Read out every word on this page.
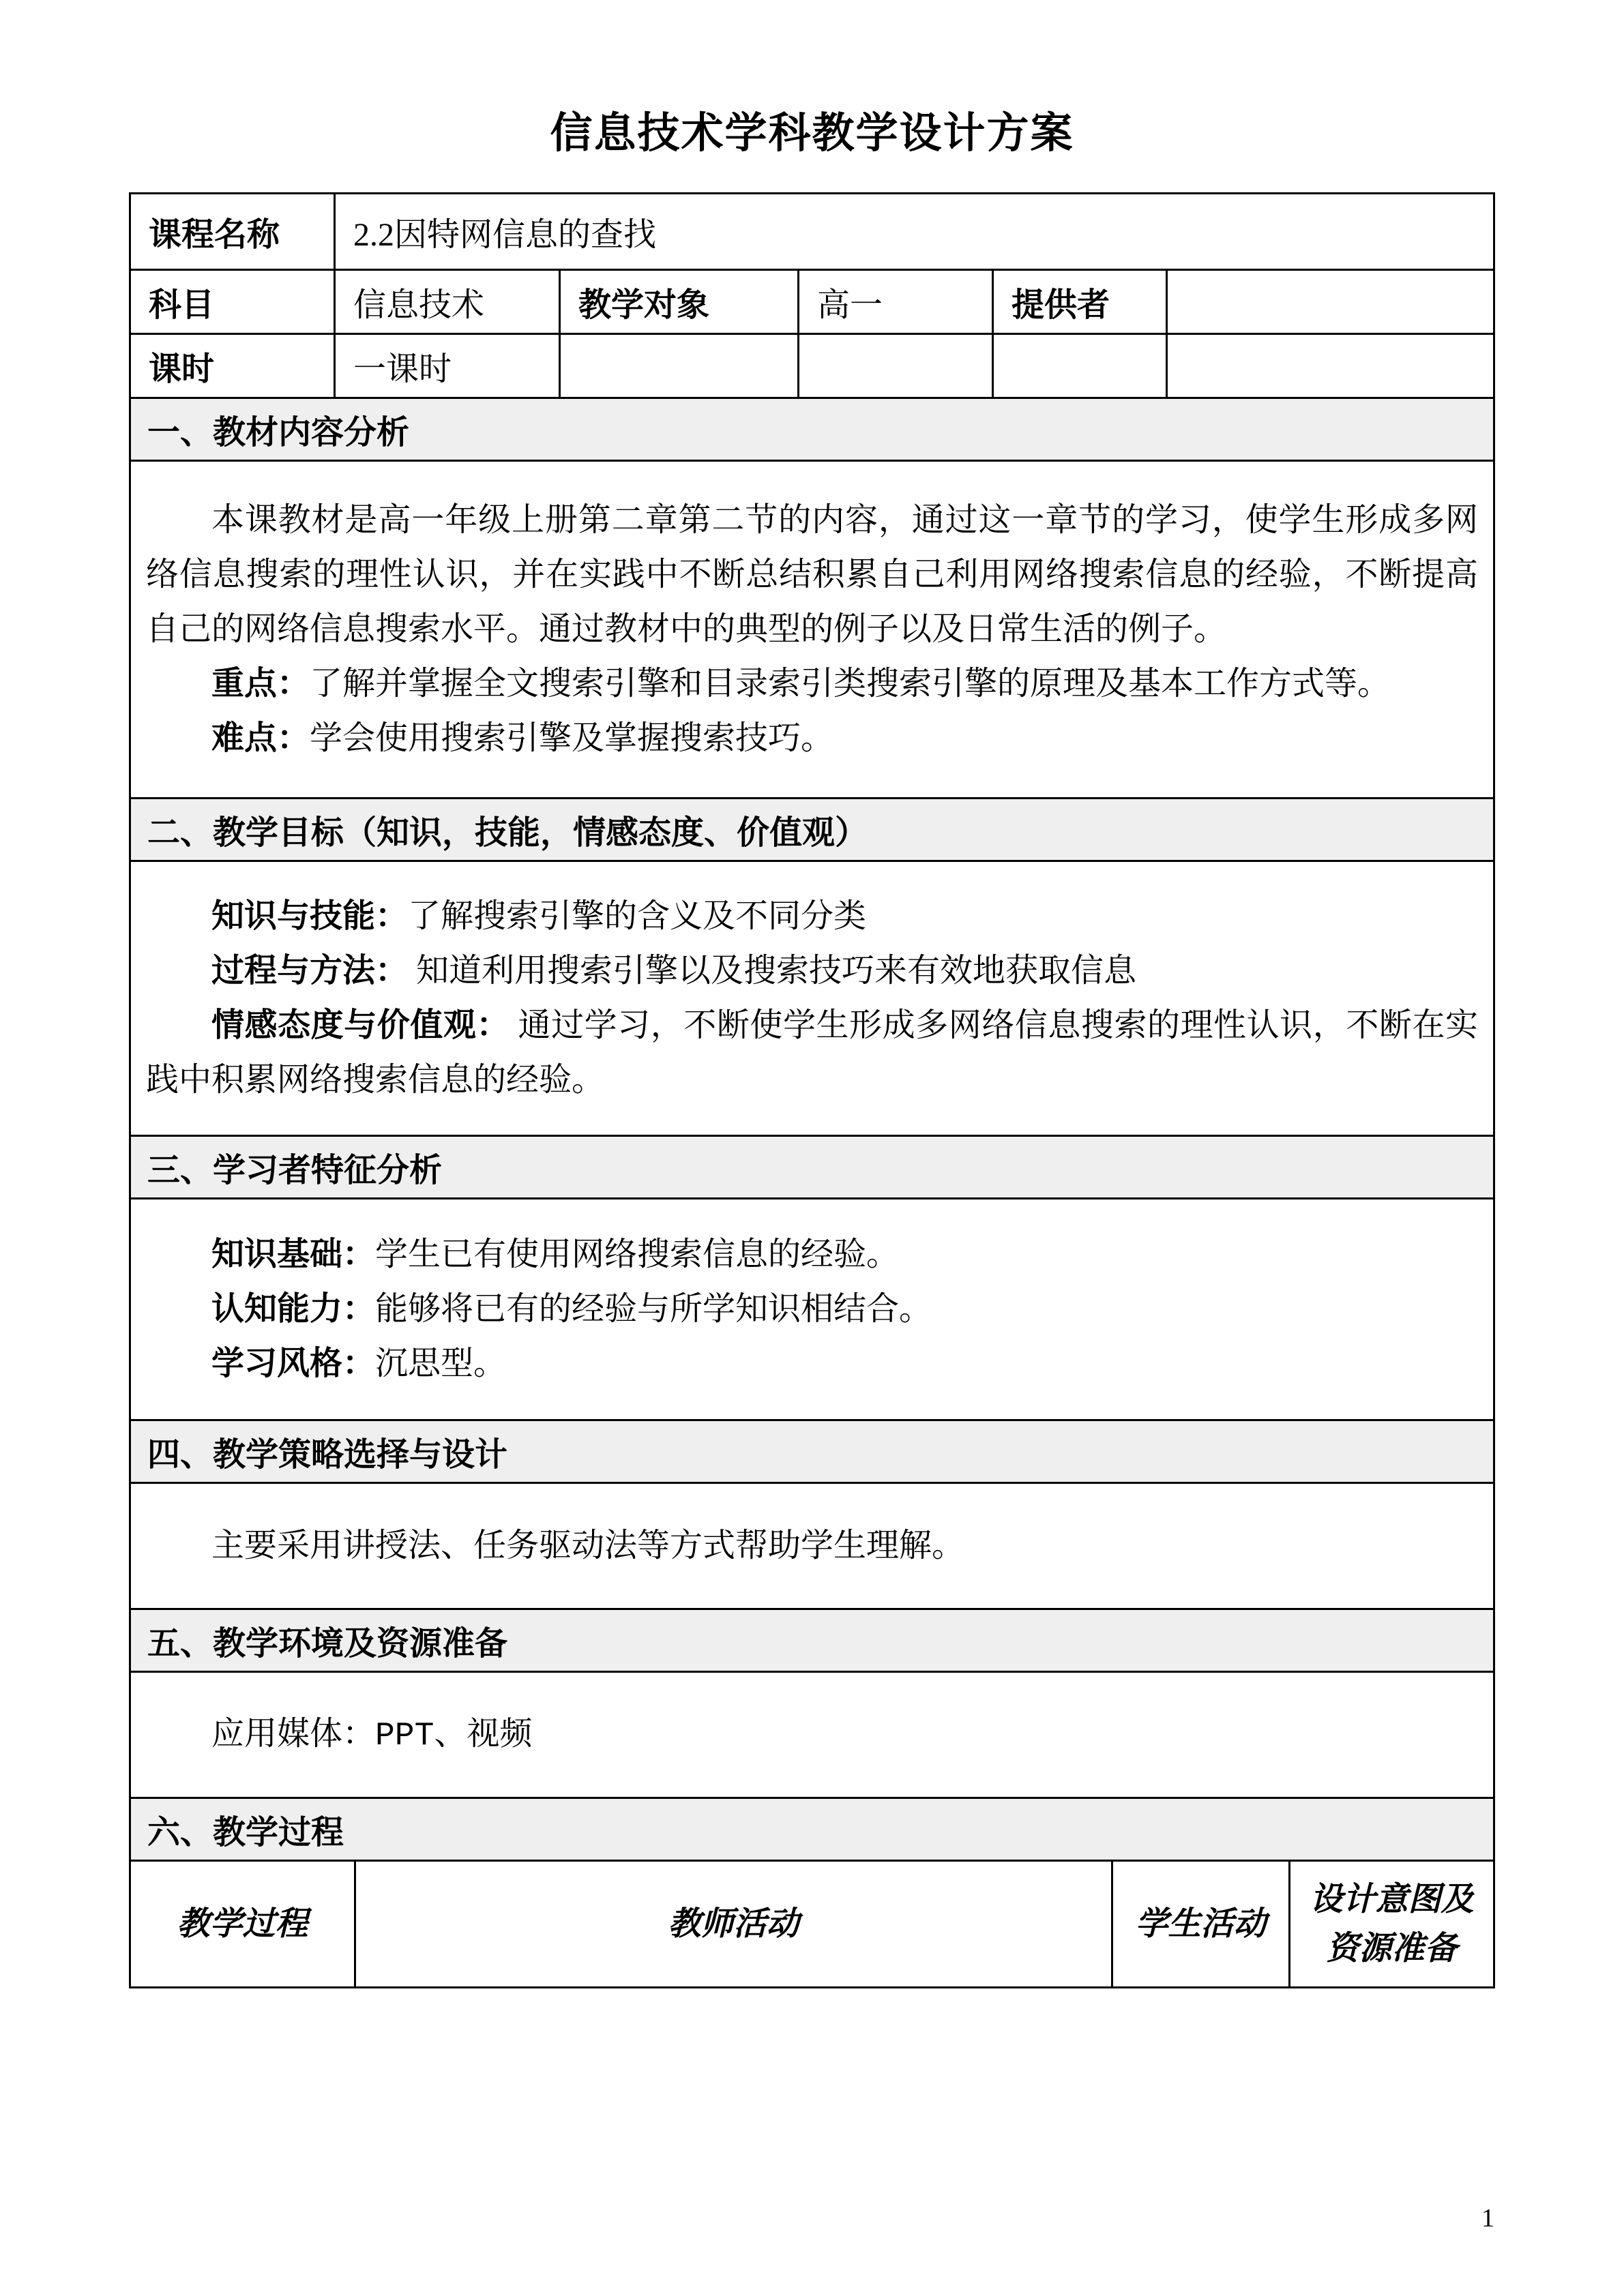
信息技术学科教学设计方案
课程名称	2.2因特网信息的查找				
科目	信息技术	教学对象	高一	提供者	
课时	一课时				
一、教材内容分析					

本课教材是高一年级上册第二章第二节的内容，通过这一章节的学习，使学生形成多网络信息搜索的理性认识，并在实践中不断总结积累自己利用网络搜索信息的经验，不断提高自己的网络信息搜索水平。通过教材中的典型的例子以及日常生活的例子。

重点：了解并掌握全文搜索引擎和目录索引类搜索引擎的原理及基本工作方式等。

难点：学会使用搜索引擎及掌握搜索技巧。					

二、教学目标（知识，技能，情感态度、价值观）					

知识与技能：了解搜索引擎的含义及不同分类

过程与方法： 知道利用搜索引擎以及搜索技巧来有效地获取信息

情感态度与价值观： 通过学习，不断使学生形成多网络信息搜索的理性认识，不断在实践中积累网络搜索信息的经验。					

三、学习者特征分析					

知识基础：学生已有使用网络搜索信息的经验。

认知能力：能够将已有的经验与所学知识相结合。

学习风格：沉思型。					

四、教学策略选择与设计					

主要采用讲授法、任务驱动法等方式帮助学生理解。					

五、教学环境及资源准备					

应用媒体：PPT、视频					

六、教学过程					
教学过程	教师活动	学生活动	设计意图及资源准备
1
